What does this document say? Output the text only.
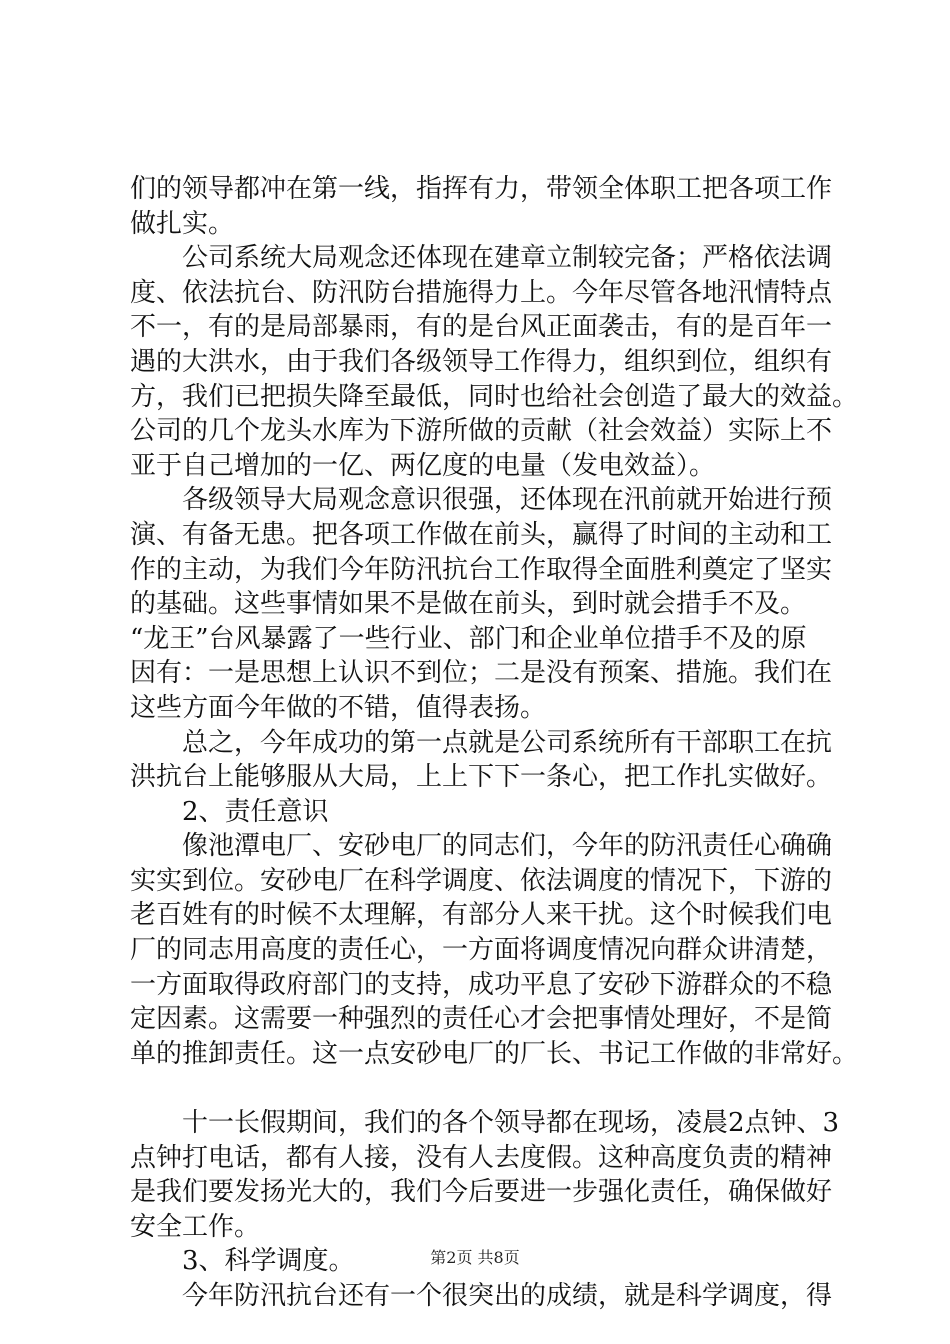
们的领导都冲在第一线，指挥有力，带领全体职工把各项工作
做扎实。
公司系统大局观念还体现在建章立制较完备；严格依法调
度、依法抗台、防汛防台措施得力上。今年尽管各地汛情特点
不一，有的是局部暴雨，有的是台风正面袭击，有的是百年一
遇的大洪水，由于我们各级领导工作得力，组织到位，组织有
方，我们已把损失降至最低，同时也给社会创造了最大的效益。
公司的几个龙头水库为下游所做的贡献（社会效益）实际上不
亚于自己增加的一亿、两亿度的电量（发电效益）。
各级领导大局观念意识很强，还体现在汛前就开始进行预
演、有备无患。把各项工作做在前头，赢得了时间的主动和工
作的主动，为我们今年防汛抗台工作取得全面胜利奠定了坚实
的基础。这些事情如果不是做在前头，到时就会措手不及。
“龙王”台风暴露了一些行业、部门和企业单位措手不及的原
因有：一是思想上认识不到位；二是没有预案、措施。我们在
这些方面今年做的不错，值得表扬。
总之，今年成功的第一点就是公司系统所有干部职工在抗
洪抗台上能够服从大局，上上下下一条心，把工作扎实做好。
2、责任意识
像池潭电厂、安砂电厂的同志们，今年的防汛责任心确确
实实到位。安砂电厂在科学调度、依法调度的情况下，下游的
老百姓有的时候不太理解，有部分人来干扰。这个时候我们电
厂的同志用高度的责任心，一方面将调度情况向群众讲清楚，
一方面取得政府部门的支持，成功平息了安砂下游群众的不稳
定因素。这需要一种强烈的责任心才会把事情处理好，不是简
单的推卸责任。这一点安砂电厂的厂长、书记工作做的非常好。
十一长假期间，我们的各个领导都在现场，凌晨2点钟、3
点钟打电话，都有人接，没有人去度假。这种高度负责的精神
是我们要发扬光大的，我们今后要进一步强化责任，确保做好
安全工作。
3、科学调度。
今年防汛抗台还有一个很突出的成绩，就是科学调度，得
第2页 共8页
